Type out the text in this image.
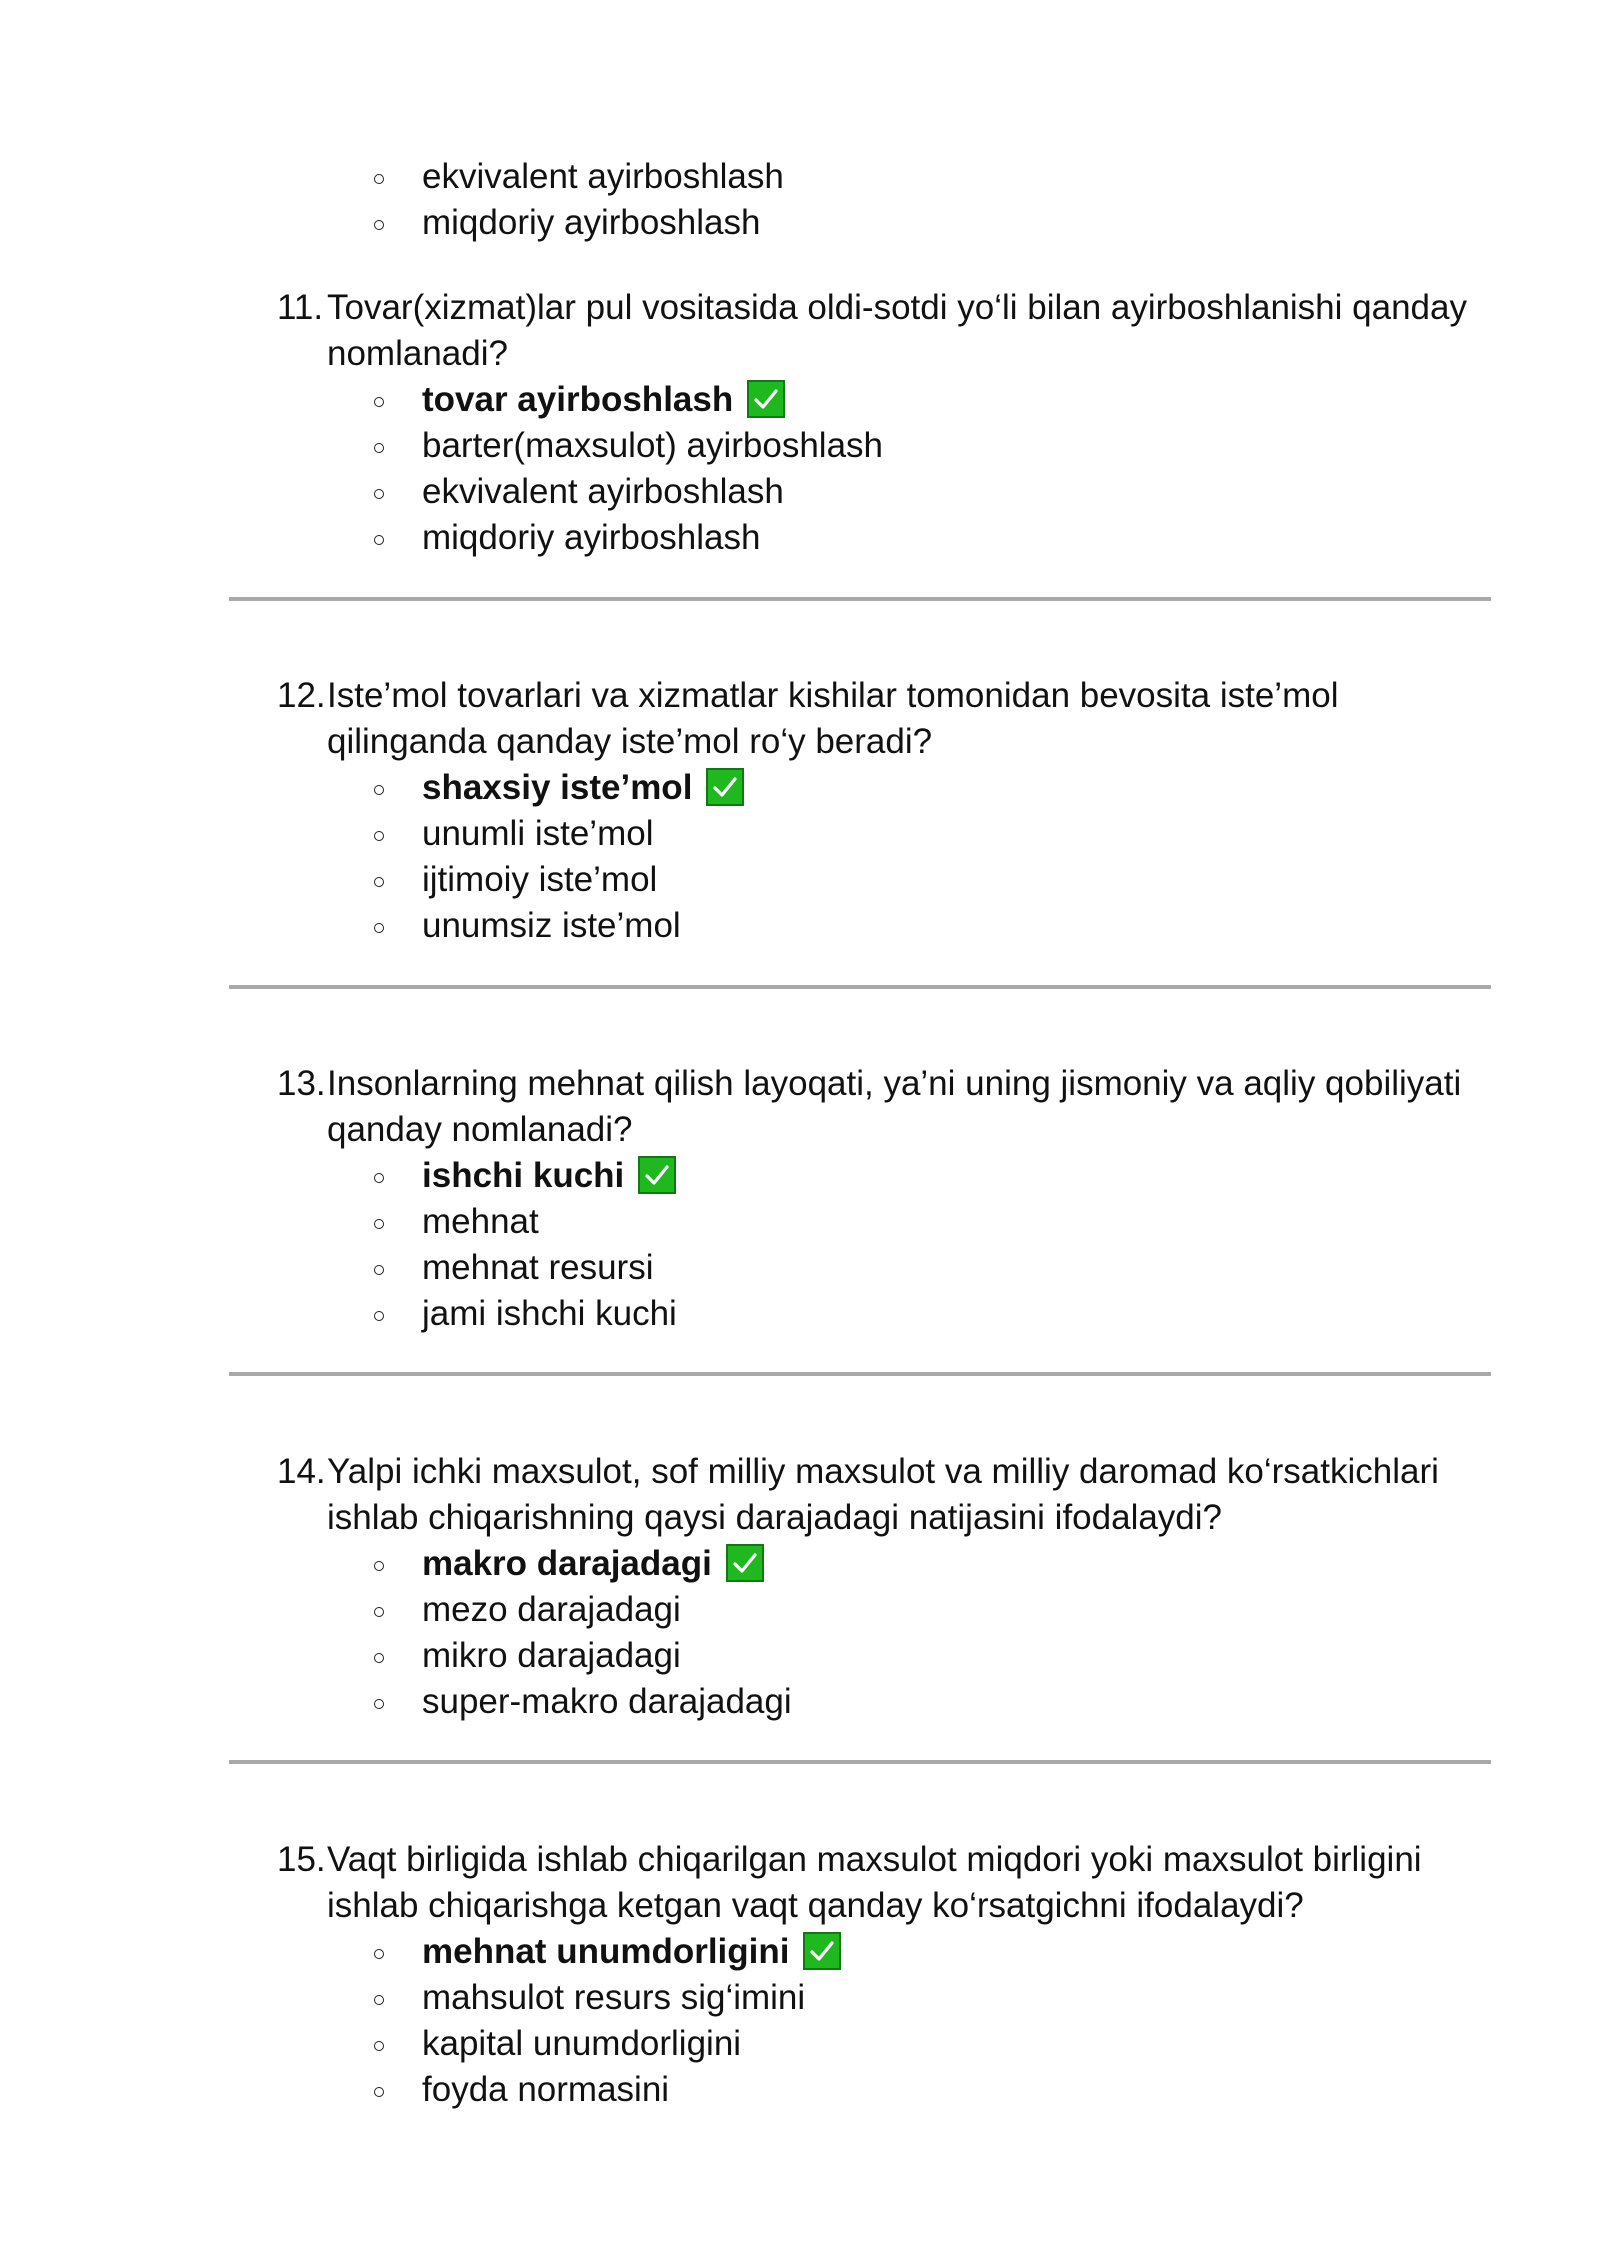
ekvivalent ayirboshlash
miqdoriy ayirboshlash
11. Tovar(xizmat)lar pul vositasida oldi-sotdi yo‘li bilan ayirboshlanishi qanday
nomlanadi?
tovar ayirboshlash
barter(maxsulot) ayirboshlash
ekvivalent ayirboshlash
miqdoriy ayirboshlash
12. Iste’mol tovarlari va xizmatlar kishilar tomonidan bevosita iste’mol
qilinganda qanday iste’mol ro‘y beradi?
shaxsiy iste’mol
unumli iste’mol
ijtimoiy iste’mol
unumsiz iste’mol
13. Insonlarning mehnat qilish layoqati, ya’ni uning jismoniy va aqliy qobiliyati
qanday nomlanadi?
ishchi kuchi
mehnat
mehnat resursi
jami ishchi kuchi
14. Yalpi ichki maxsulot, sof milliy maxsulot va milliy daromad ko‘rsatkichlari
ishlab chiqarishning qaysi darajadagi natijasini ifodalaydi?
makro darajadagi
mezo darajadagi
mikro darajadagi
super-makro darajadagi
15. Vaqt birligida ishlab chiqarilgan maxsulot miqdori yoki maxsulot birligini
ishlab chiqarishga ketgan vaqt qanday ko‘rsatgichni ifodalaydi?
mehnat unumdorligini
mahsulot resurs sig‘imini
kapital unumdorligini
foyda normasini
